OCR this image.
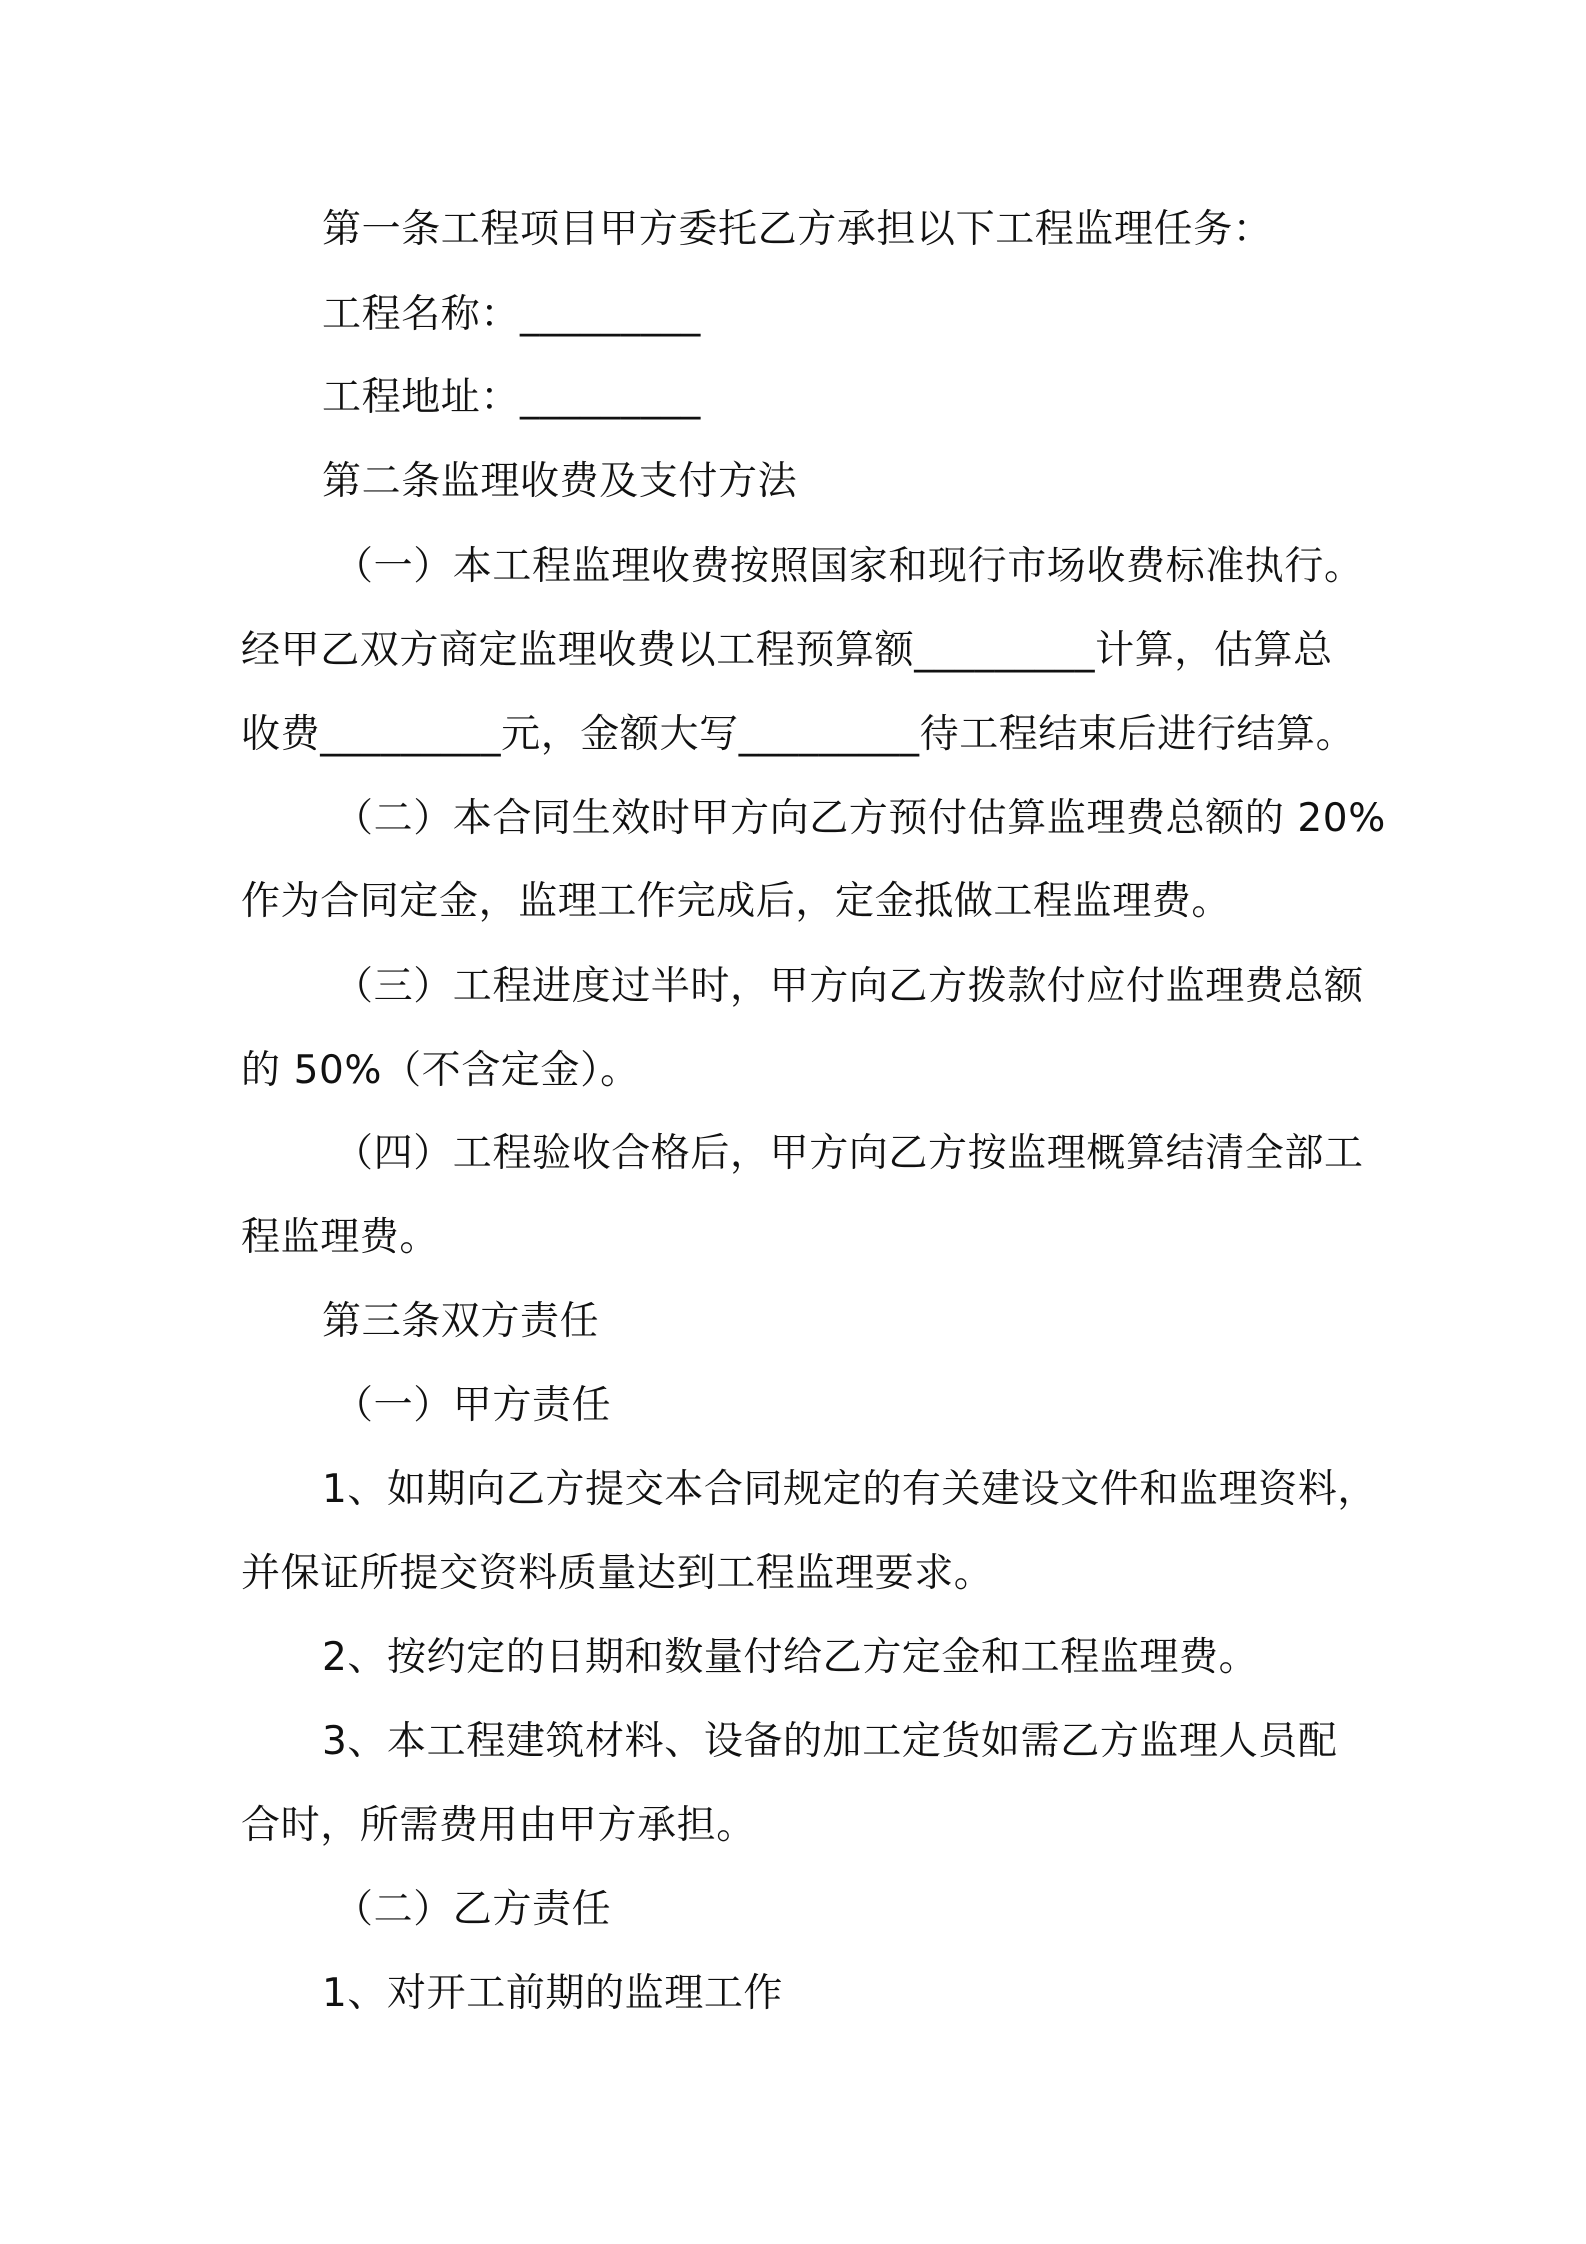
第一条工程项目甲方委托乙方承担以下工程监理任务：
工程名称：_________
工程地址：_________
第二条监理收费及支付方法
（一）本工程监理收费按照国家和现行市场收费标准执行。
经甲乙双方商定监理收费以工程预算额_________计算，估算总
收费_________元，金额大写_________待工程结束后进行结算。
（二）本合同生效时甲方向乙方预付估算监理费总额的 20%
作为合同定金，监理工作完成后，定金抵做工程监理费。
（三）工程进度过半时，甲方向乙方拨款付应付监理费总额
的 50%（不含定金）。
（四）工程验收合格后，甲方向乙方按监理概算结清全部工
程监理费。
第三条双方责任
（一）甲方责任
1、如期向乙方提交本合同规定的有关建设文件和监理资料，
并保证所提交资料质量达到工程监理要求。
2、按约定的日期和数量付给乙方定金和工程监理费。
3、本工程建筑材料、设备的加工定货如需乙方监理人员配
合时，所需费用由甲方承担。
（二）乙方责任
1、对开工前期的监理工作
